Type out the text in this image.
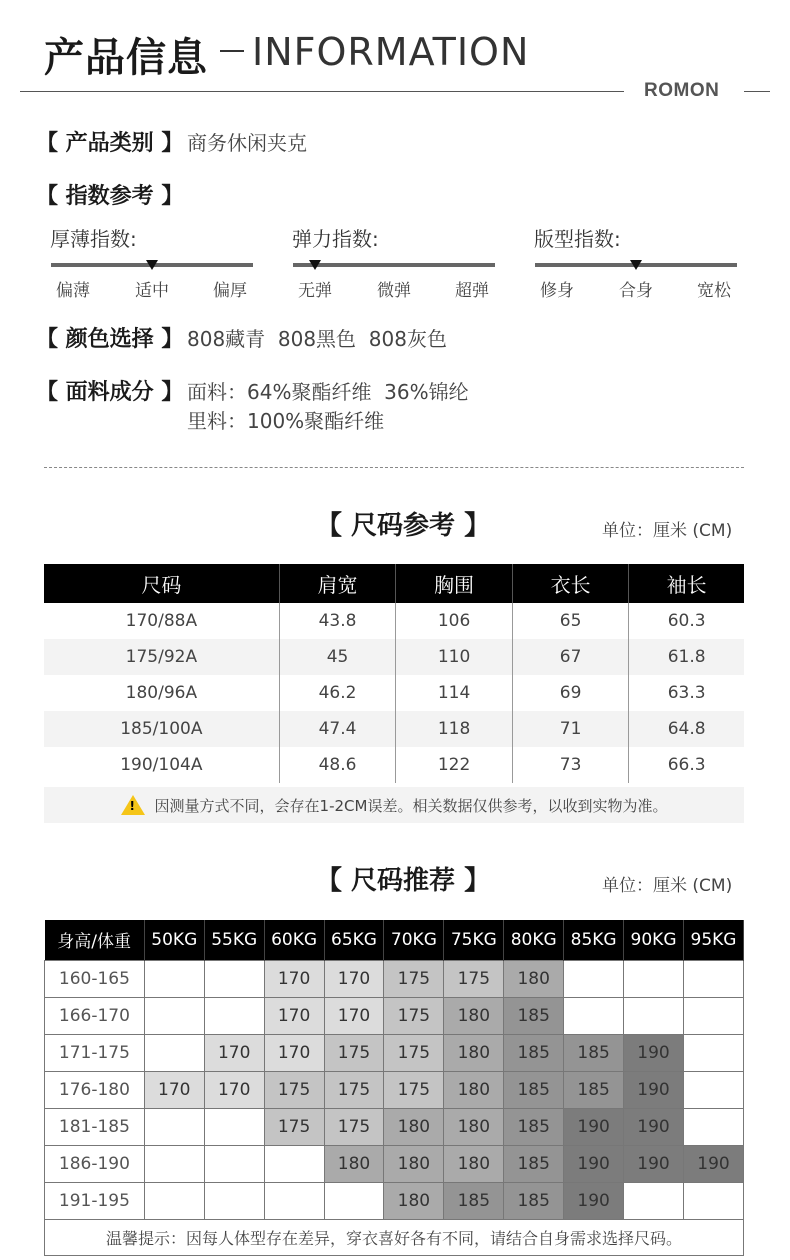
产品信息 INFORMATION
ROMON
【 产品类别 】 商务休闲夹克
【 指数参考 】
厚薄指数:
偏薄	适中	偏厚
弹力指数:
无弹	微弹	超弹
版型指数:
修身	合身	宽松
【 颜色选择 】 808藏青  808黑色  808灰色
【 面料成分 】 面料：64%聚酯纤维  36%锦纶
里料：100%聚酯纤维
【 尺码参考 】	单位：厘米 (CM)
尺码	肩宽	胸围	衣长	袖长
170/88A	43.8	106	65	60.3
175/92A	45	110	67	61.8
180/96A	46.2	114	69	63.3
185/100A	47.4	118	71	64.8
190/104A	48.6	122	73	66.3
! 因测量方式不同，会存在1-2CM误差。相关数据仅供参考，以收到实物为准。
【 尺码推荐 】	单位：厘米 (CM)
身高/体重	50KG	55KG	60KG	65KG	70KG	75KG	80KG	85KG	90KG	95KG
160-165			170	170	175	175	180			
166-170			170	170	175	180	185			
171-175		170	170	175	175	180	185	185	190	
176-180	170	170	175	175	175	180	185	185	190	
181-185			175	175	180	180	185	190	190	
186-190				180	180	180	185	190	190	190
191-195					180	185	185	190		
温馨提示：因每人体型存在差异，穿衣喜好各有不同，请结合自身需求选择尺码。
